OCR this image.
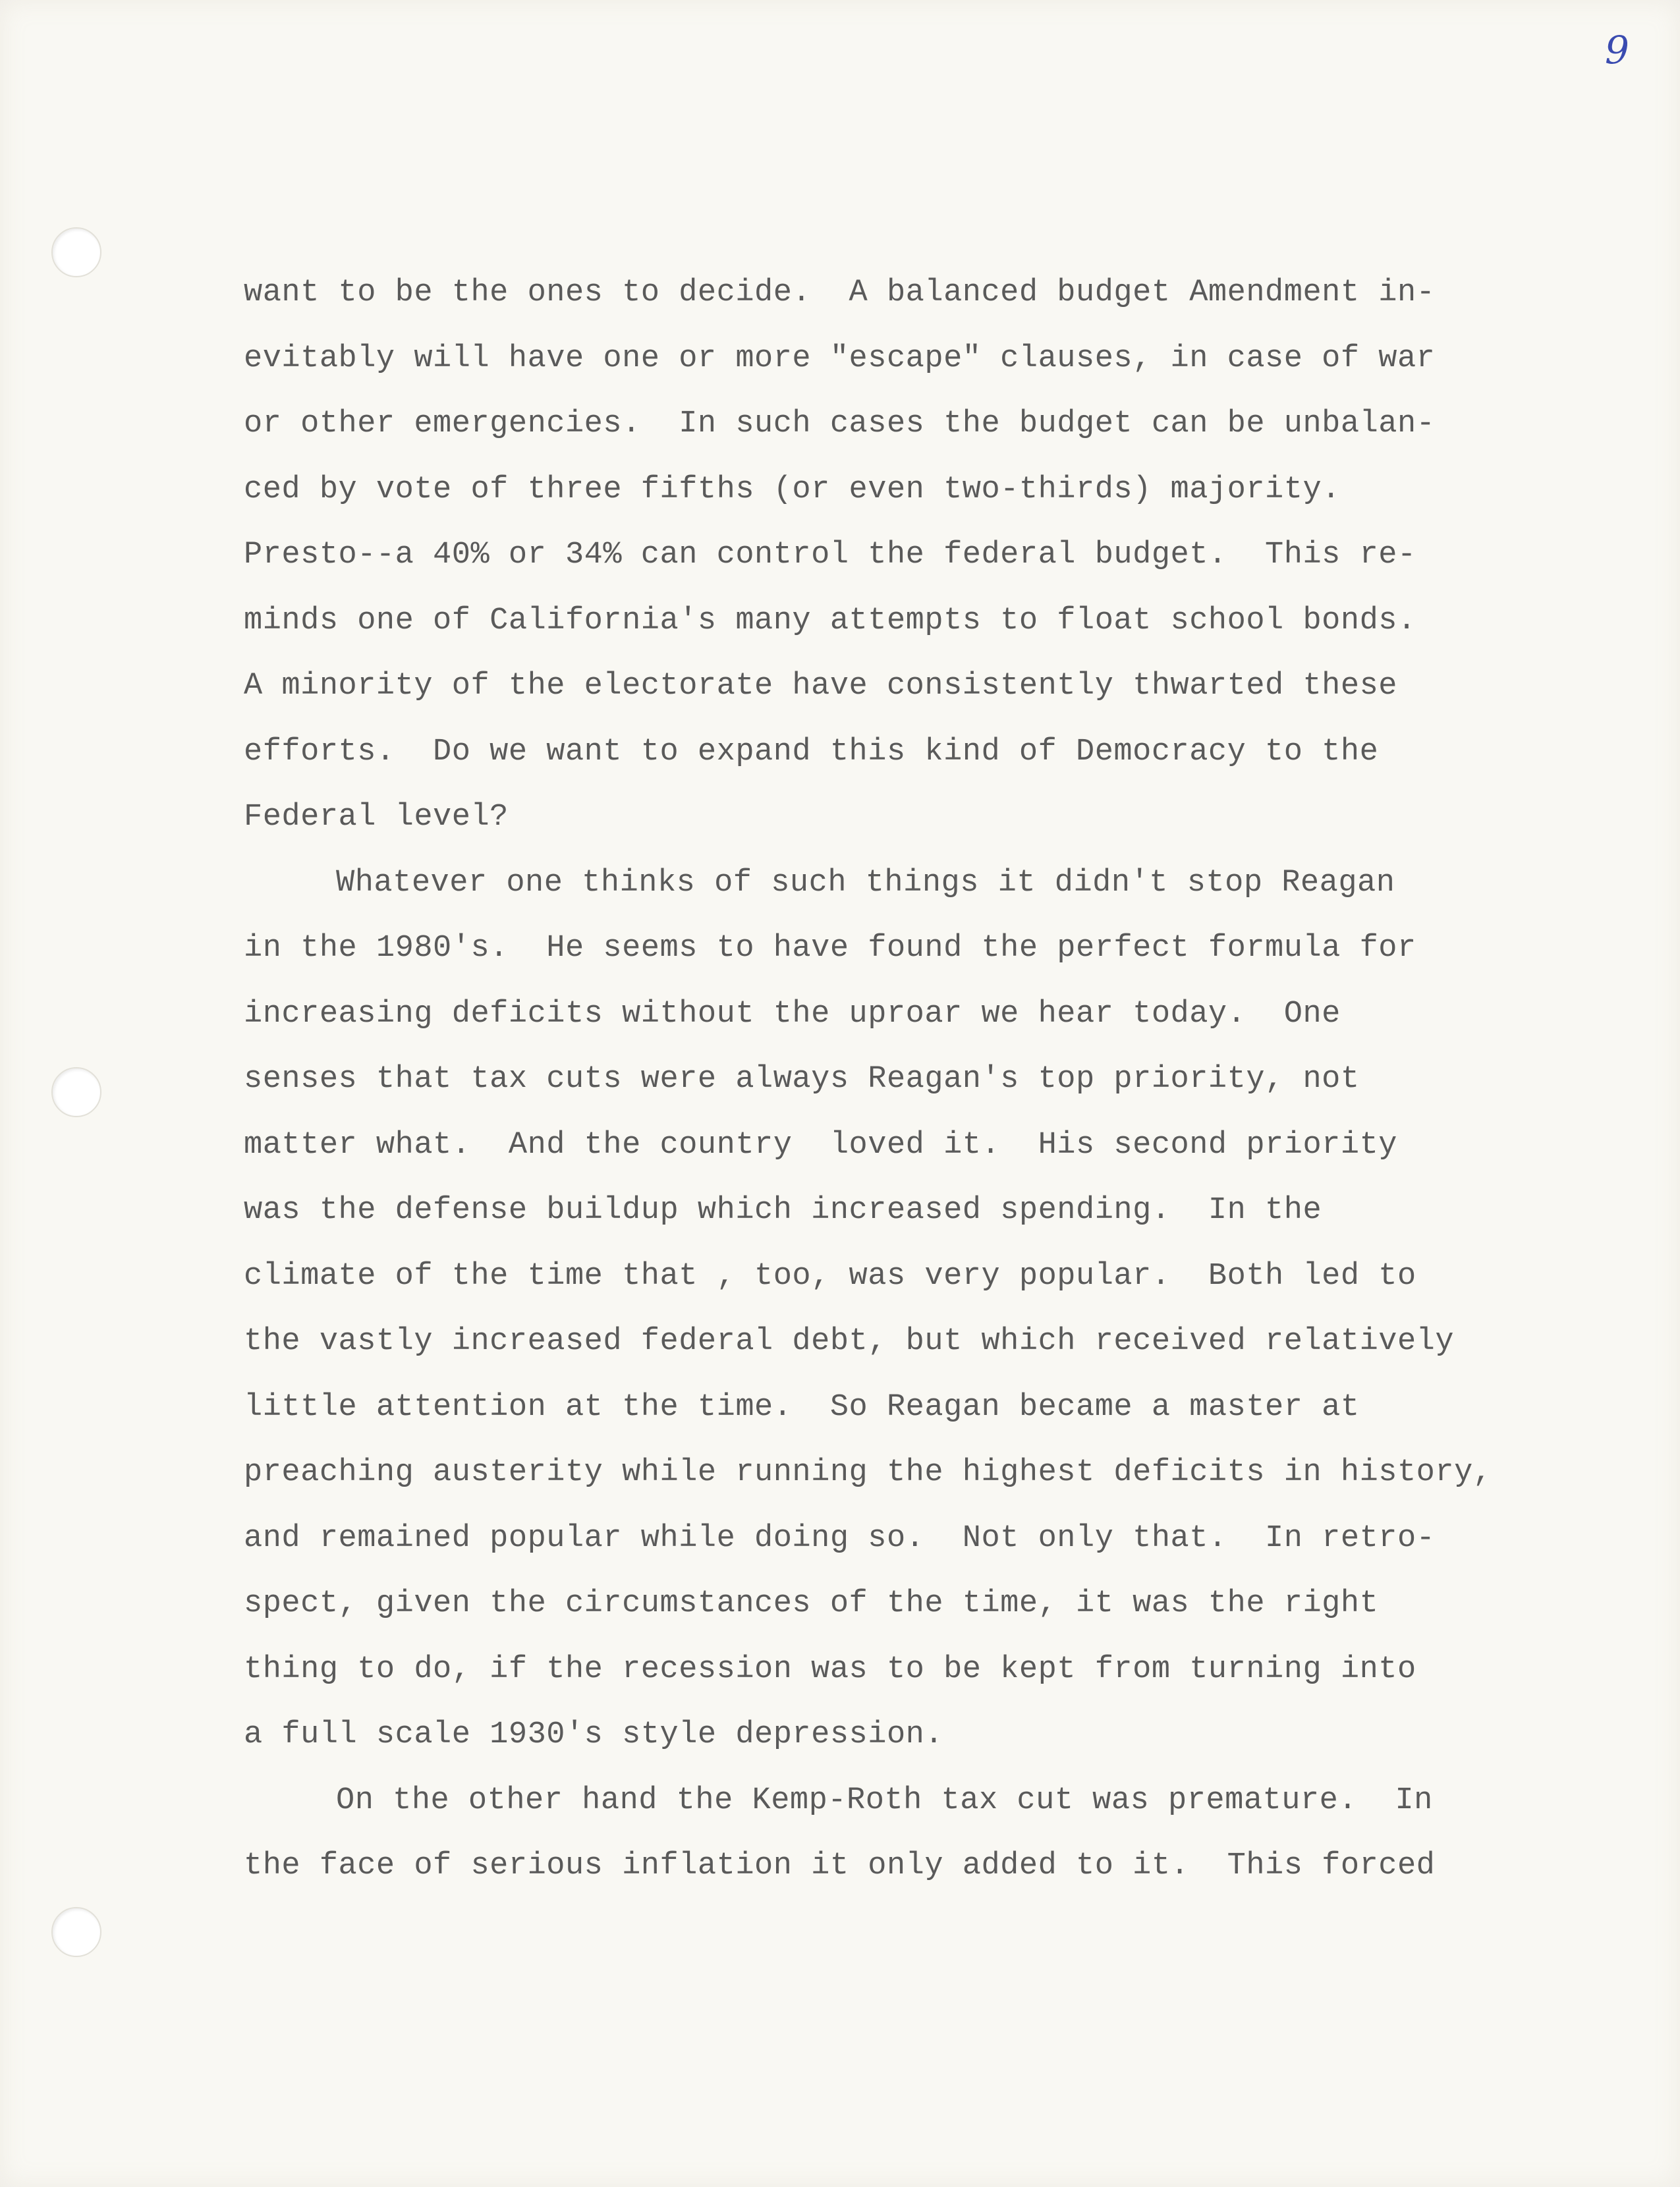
9
want to be the ones to decide.  A balanced budget Amendment in-
evitably will have one or more "escape" clauses, in case of war
or other emergencies.  In such cases the budget can be unbalan-
ced by vote of three fifths (or even two-thirds) majority.
Presto--a 40% or 34% can control the federal budget.  This re-
minds one of California's many attempts to float school bonds.
A minority of the electorate have consistently thwarted these
efforts.  Do we want to expand this kind of Democracy to the
Federal level?
Whatever one thinks of such things it didn't stop Reagan
in the 1980's.  He seems to have found the perfect formula for
increasing deficits without the uproar we hear today.  One
senses that tax cuts were always Reagan's top priority, not
matter what.  And the country  loved it.  His second priority
was the defense buildup which increased spending.  In the
climate of the time that , too, was very popular.  Both led to
the vastly increased federal debt, but which received relatively
little attention at the time.  So Reagan became a master at
preaching austerity while running the highest deficits in history,
and remained popular while doing so.  Not only that.  In retro-
spect, given the circumstances of the time, it was the right
thing to do, if the recession was to be kept from turning into
a full scale 1930's style depression.
On the other hand the Kemp-Roth tax cut was premature.  In
the face of serious inflation it only added to it.  This forced
